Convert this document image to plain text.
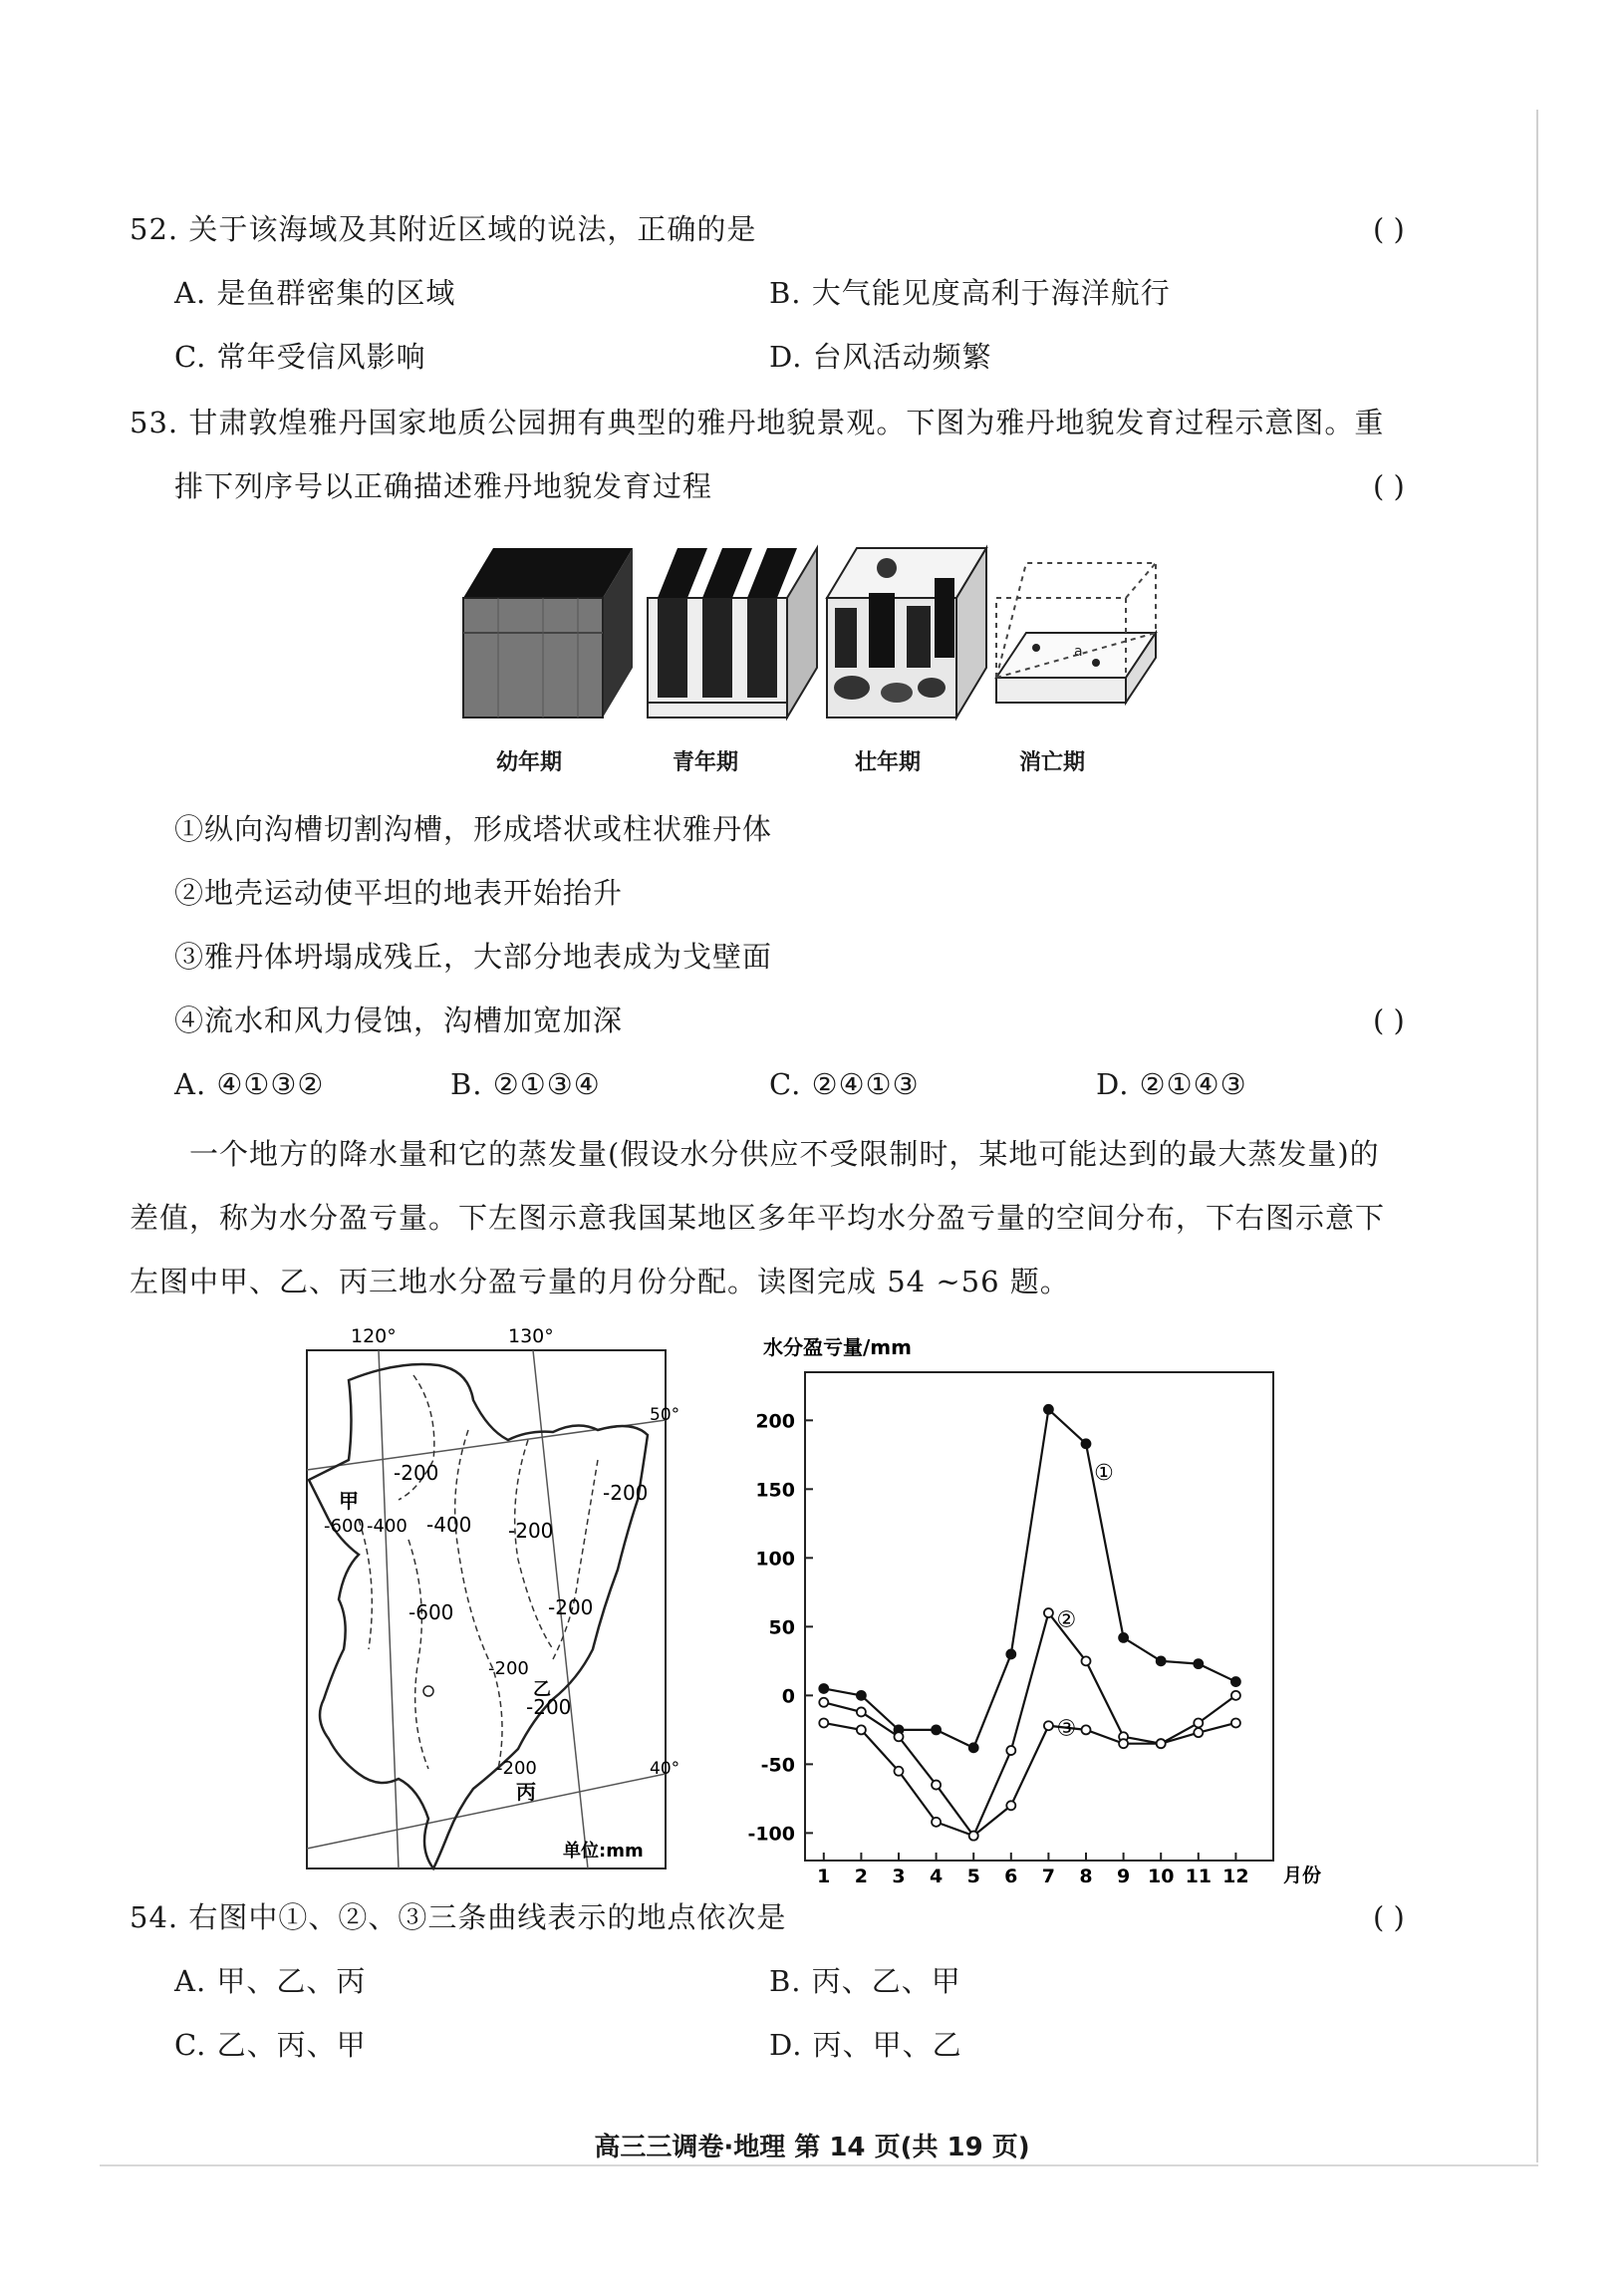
52. 关于该海域及其附近区域的说法，正确的是	( )
A. 是鱼群密集的区域	B. 大气能见度高利于海洋航行
C. 常年受信风影响	D. 台风活动频繁
53. 甘肃敦煌雅丹国家地质公园拥有典型的雅丹地貌景观。下图为雅丹地貌发育过程示意图。重
排下列序号以正确描述雅丹地貌发育过程	( )
a
幼年期	青年期	壮年期	消亡期
①纵向沟槽切割沟槽，形成塔状或柱状雅丹体
②地壳运动使平坦的地表开始抬升
③雅丹体坍塌成残丘，大部分地表成为戈壁面
④流水和风力侵蚀，沟槽加宽加深	( )
A. ④①③②	B. ②①③④	C. ②④①③	D. ②①④③
一个地方的降水量和它的蒸发量(假设水分供应不受限制时，某地可能达到的最大蒸发量)的
差值，称为水分盈亏量。下左图示意我国某地区多年平均水分盈亏量的空间分布，下右图示意下
左图中甲、乙、丙三地水分盈亏量的月份分配。读图完成 54 ~56 题。
120°	130°
50°
40°
-200
-200
-200
-200
-200
-400
-600
-600 -400
-200
-200
甲
乙
丙
单位:mm
水分盈亏量/mm
月份
200
150
100
50
0
-50
-100
1 2 3 4 5 6 7 8 9 10 11 12
①
②
③
54. 右图中①、②、③三条曲线表示的地点依次是	( )
A. 甲、乙、丙	B. 丙、乙、甲
C. 乙、丙、甲	D. 丙、甲、乙
高三三调卷·地理 第 14 页(共 19 页)
